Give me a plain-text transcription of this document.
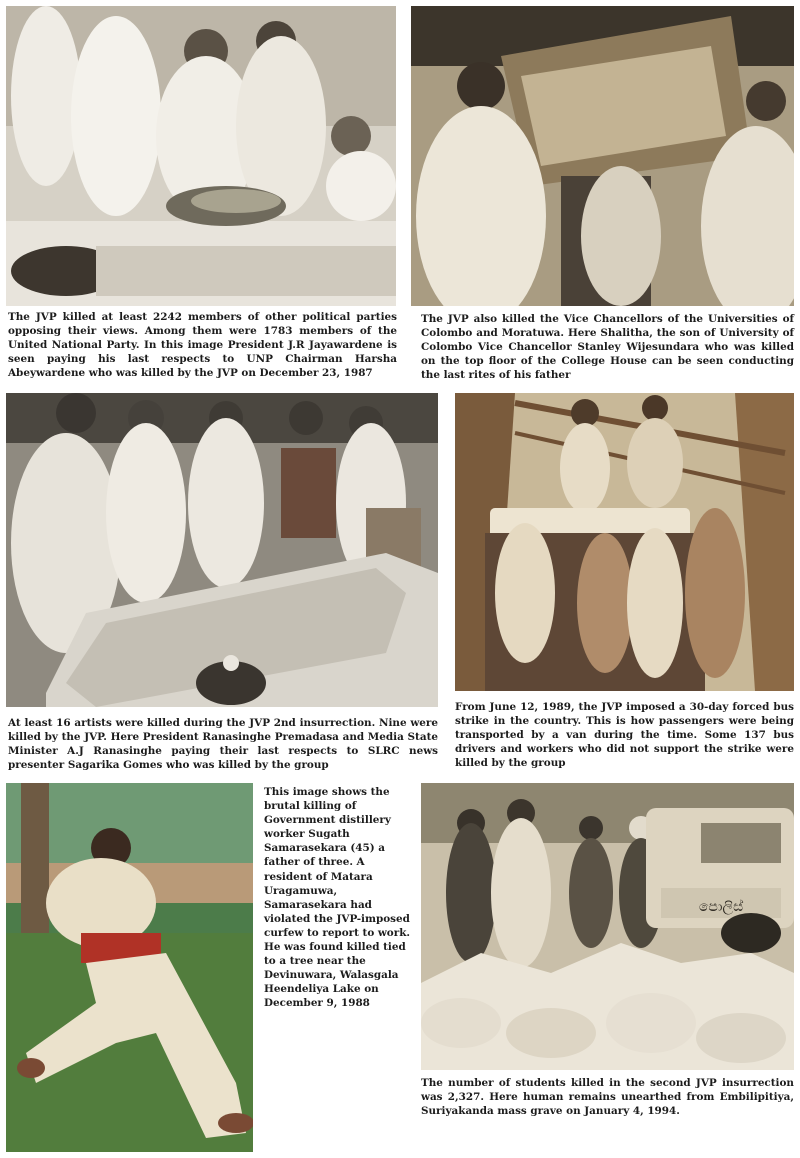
The JVP killed at least 2242 members of other political parties opposing their views. Among them were 1783 members of the United National Party. In this image President J.R Jayawardene is seen paying his last respects to UNP Chairman Harsha Abeywardene who was killed by the JVP on December 23, 1987

The JVP also killed the Vice Chancellors of the Universities of Colombo and Moratuwa. Here Shalitha, the son of University of Colombo Vice Chancellor Stanley Wijesundara who was killed on the top floor of the College House can be seen conducting the last rites of his father

At least 16 artists were killed during the JVP 2nd insurrection. Nine were killed by the JVP. Here President Ranasinghe Premadasa and Media State Minister A.J Ranasinghe paying their last respects to SLRC news presenter Sagarika Gomes who was killed by the group

From June 12, 1989, the JVP imposed a 30-day forced bus strike in the country. This is how passengers were being transported by a van during the time. Some 137 bus drivers and workers who did not support the strike were killed by the group

This image shows the brutal killing of Government distillery worker Sugath Samarasekara (45) a father of three. A resident of Matara Uragamuwa, Samarasekara had violated the JVP-imposed curfew to report to work. He was found killed tied to a tree near the Devinuwara, Walasgala Heendeliya Lake on December 9, 1988

පොලිස්

The number of students killed in the second JVP insurrection was 2,327. Here human remains unearthed from Embilipitiya, Suriyakanda mass grave on January 4, 1994.
